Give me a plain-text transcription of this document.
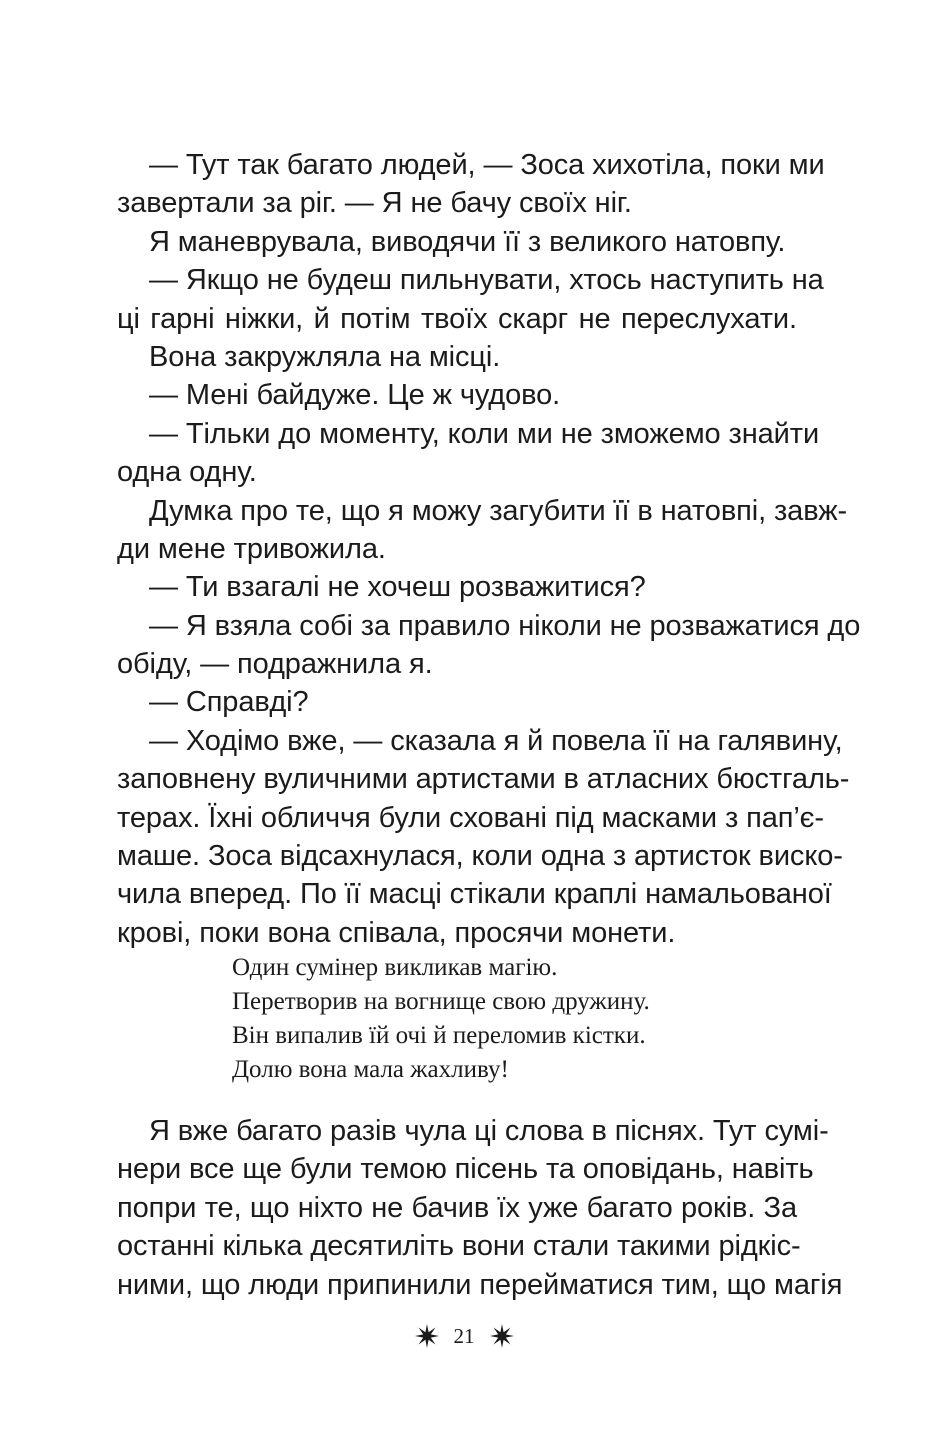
— Тут так багато людей, — Зоса хихотіла, поки ми
завертали за ріг. — Я не бачу своїх ніг.
Я маневрувала, виводячи її з великого натовпу.
— Якщо не будеш пильнувати, хтось наступить на
ці гарні ніжки, й потім твоїх скарг не переслухати.
Вона закружляла на місці.
— Мені байдуже. Це ж чудово.
— Тільки до моменту, коли ми не зможемо знайти
одна одну.
Думка про те, що я можу загубити її в натовпі, завж-
ди мене тривожила.
— Ти взагалі не хочеш розважитися?
— Я взяла собі за правило ніколи не розважатися до
обіду, — подражнила я.
— Справді?
— Ходімо вже, — сказала я й повела її на галявину,
заповнену вуличними артистами в атласних бюстгаль-
терах. Їхні обличчя були сховані під масками з пап’є-
маше. Зоса відсахнулася, коли одна з артисток виско-
чила вперед. По її масці стікали краплі намальованої
крові, поки вона співала, просячи монети.
Один сумінер викликав магію.
Перетворив на вогнище свою дружину.
Він випалив їй очі й переломив кістки.
Долю вона мала жахливу!
Я вже багато разів чула ці слова в піснях. Тут сумі-
нери все ще були темою пісень та оповідань, навіть
попри те, що ніхто не бачив їх уже багато років. За
останні кілька десятиліть вони стали такими рідкіс-
ними, що люди припинили перейматися тим, що магія
21
